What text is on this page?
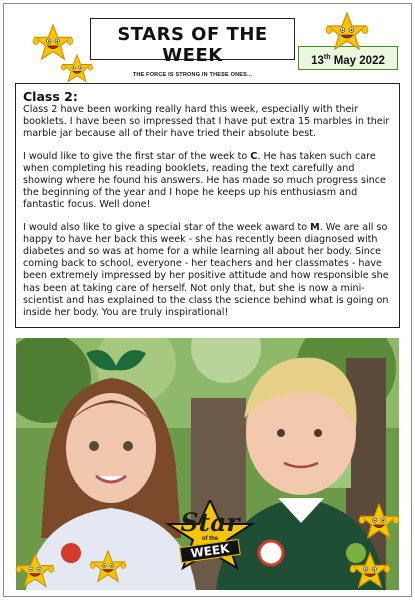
STARS OF THE WEEK
THE FORCE IS STRONG IN THESE ONES...
13th May 2022
Class 2:

Class 2 have been working really hard this week, especially with their booklets. I have been so impressed that I have put extra 15 marbles in their marble jar because all of their have tried their absolute best.

I would like to give the first star of the week to C. He has taken such care when completing his reading booklets, reading the text carefully and showing where he found his answers. He has made so much progress since the beginning of the year and I hope he keeps up his enthusiasm and fantastic focus. Well done!

I would also like to give a special star of the week award to M. We are all so happy to have her back this week - she has recently been diagnosed with diabetes and so was at home for a while learning all about her body. Since coming back to school, everyone - her teachers and her classmates - have been extremely impressed by her positive attitude and how responsible she has been at taking care of herself. Not only that, but she is now a mini-scientist and has explained to the class the science behind what is going on inside her body. You are truly inspirational!

Star
of the
WEEK
